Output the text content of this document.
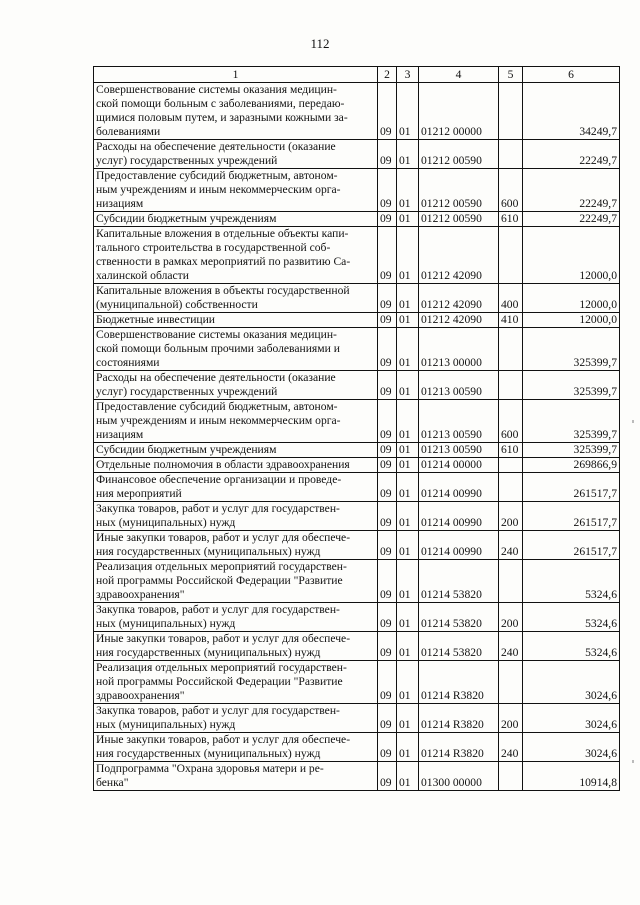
112
1	2	3	4	5	6
Совершенствование системы оказания медицин-
ской помощи больным с заболеваниями, передаю-
щимися половым путем, и заразными кожными за-
болеваниями	09	01	01212 00000		34249,7
Расходы на обеспечение деятельности (оказание
услуг) государственных учреждений	09	01	01212 00590		22249,7
Предоставление субсидий бюджетным, автоном-
ным учреждениям и иным некоммерческим орга-
низациям	09	01	01212 00590	600	22249,7
Субсидии бюджетным учреждениям	09	01	01212 00590	610	22249,7
Капитальные вложения в отдельные объекты капи-
тального строительства в государственной соб-
ственности в рамках мероприятий по развитию Са-
халинской области	09	01	01212 42090		12000,0
Капитальные вложения в объекты государственной
(муниципальной) собственности	09	01	01212 42090	400	12000,0
Бюджетные инвестиции	09	01	01212 42090	410	12000,0
Совершенствование системы оказания медицин-
ской помощи больным прочими заболеваниями и
состояниями	09	01	01213 00000		325399,7
Расходы на обеспечение деятельности (оказание
услуг) государственных учреждений	09	01	01213 00590		325399,7
Предоставление субсидий бюджетным, автоном-
ным учреждениям и иным некоммерческим орга-
низациям	09	01	01213 00590	600	325399,7
Субсидии бюджетным учреждениям	09	01	01213 00590	610	325399,7
Отдельные полномочия в области здравоохранения	09	01	01214 00000		269866,9
Финансовое обеспечение организации и проведе-
ния мероприятий	09	01	01214 00990		261517,7
Закупка товаров, работ и услуг для государствен-
ных (муниципальных) нужд	09	01	01214 00990	200	261517,7
Иные закупки товаров, работ и услуг для обеспече-
ния государственных (муниципальных) нужд	09	01	01214 00990	240	261517,7
Реализация отдельных мероприятий государствен-
ной программы Российской Федерации "Развитие
здравоохранения"	09	01	01214 53820		5324,6
Закупка товаров, работ и услуг для государствен-
ных (муниципальных) нужд	09	01	01214 53820	200	5324,6
Иные закупки товаров, работ и услуг для обеспече-
ния государственных (муниципальных) нужд	09	01	01214 53820	240	5324,6
Реализация отдельных мероприятий государствен-
ной программы Российской Федерации "Развитие
здравоохранения"	09	01	01214 R3820		3024,6
Закупка товаров, работ и услуг для государствен-
ных (муниципальных) нужд	09	01	01214 R3820	200	3024,6
Иные закупки товаров, работ и услуг для обеспече-
ния государственных (муниципальных) нужд	09	01	01214 R3820	240	3024,6
Подпрограмма "Охрана здоровья матери и ре-
бенка"	09	01	01300 00000		10914,8
